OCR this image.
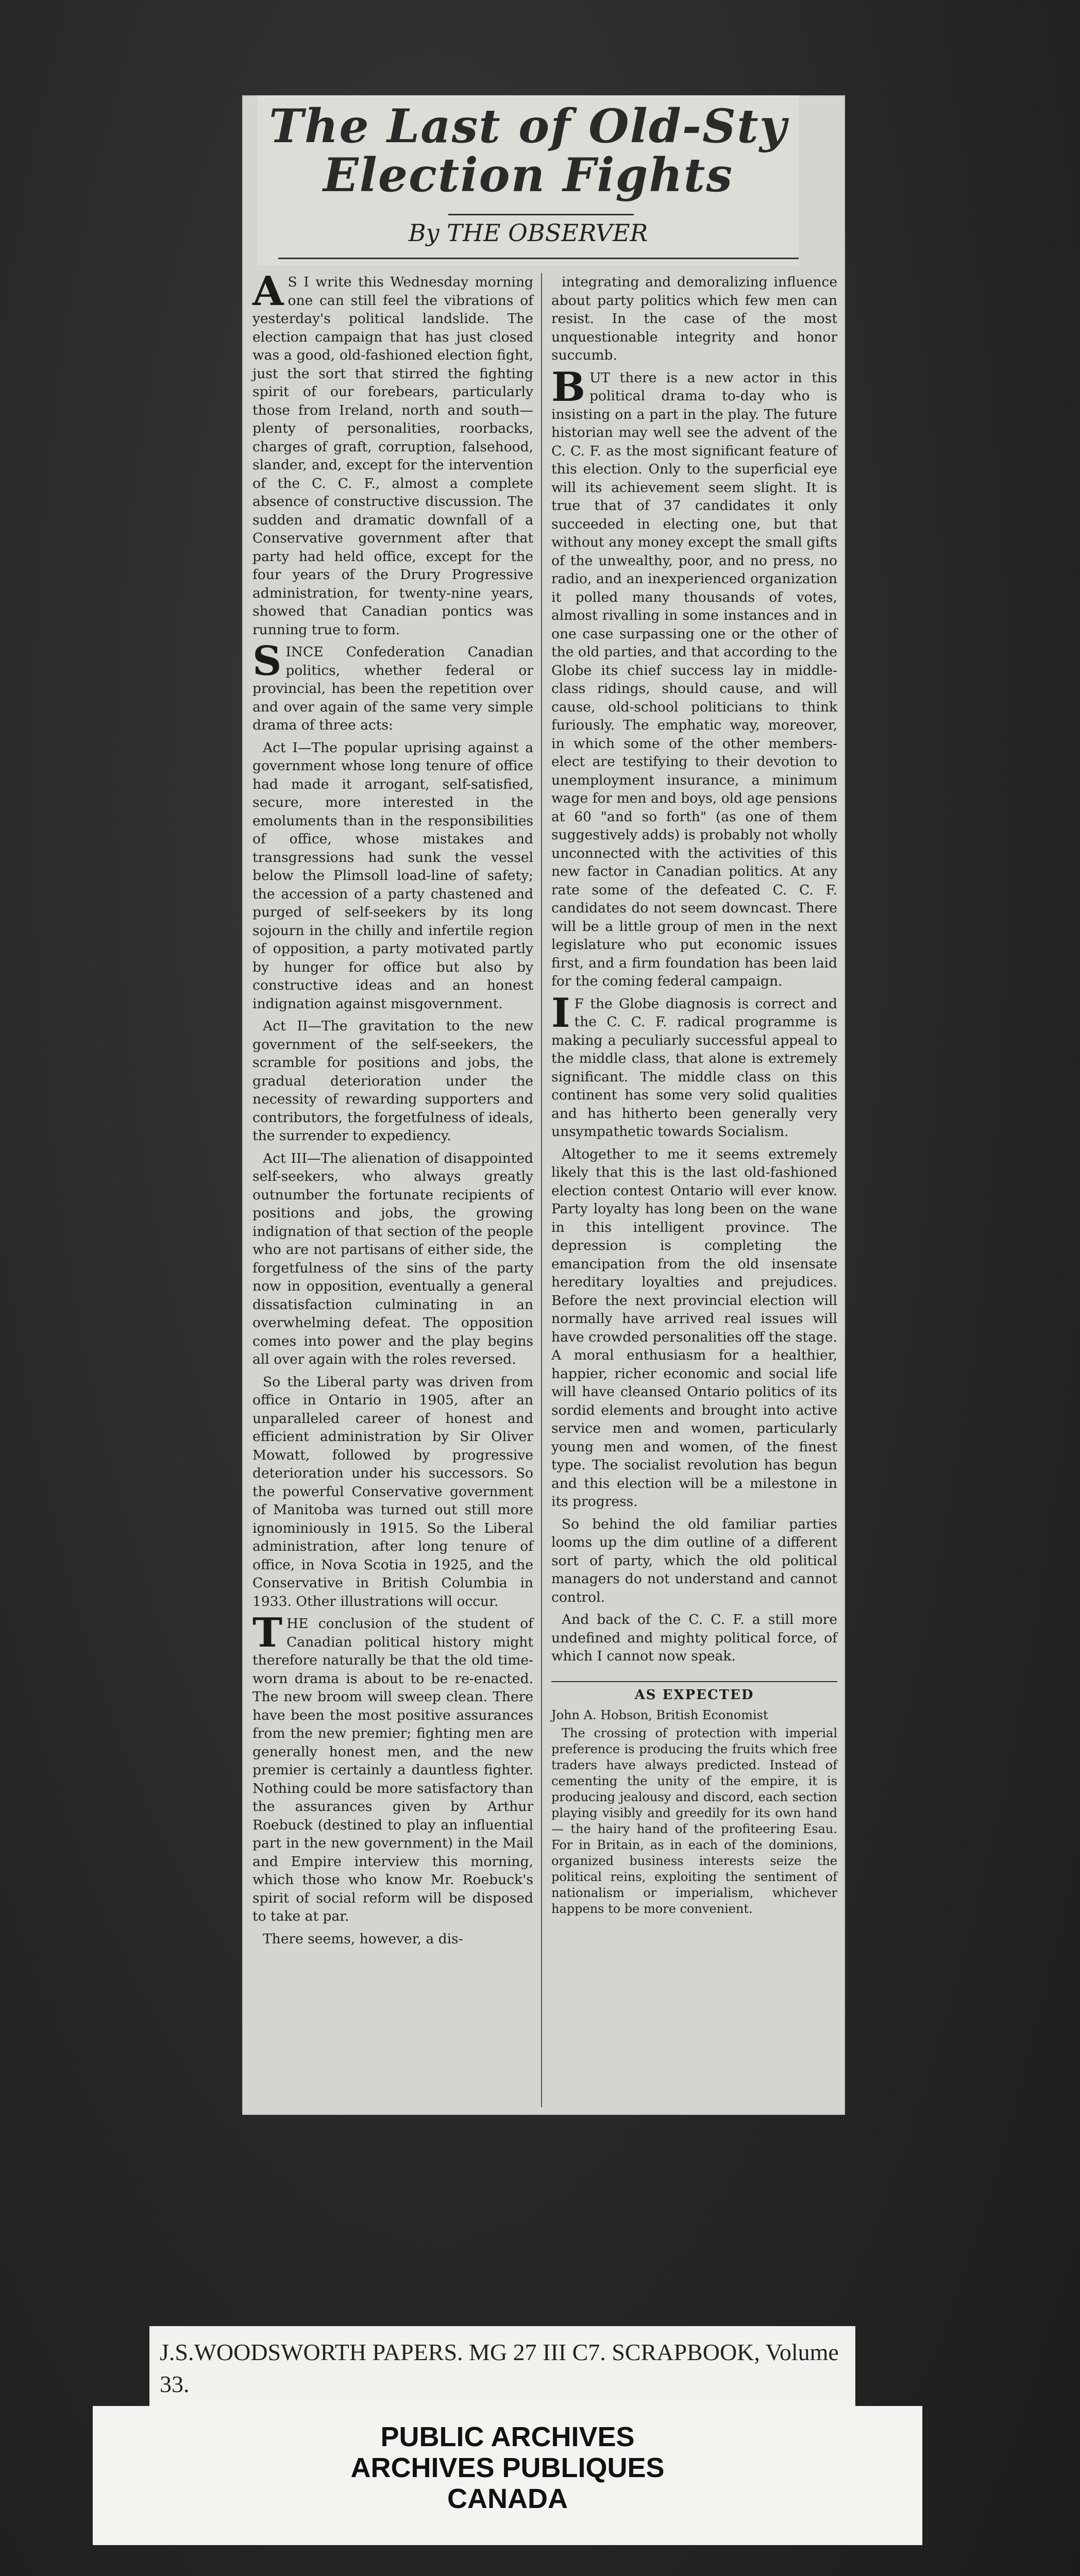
The Last of Old-Sty
Election Fights
By THE OBSERVER

A S I write this Wednesday morning one can still feel the vibrations of yesterday's political landslide. The election campaign that has just closed was a good, old-fashioned election fight, just the sort that stirred the fighting spirit of our forebears, particularly those from Ireland, north and south—plenty of personalities, roorbacks, charges of graft, corruption, falsehood, slander, and, except for the intervention of the C. C. F., almost a complete absence of constructive discussion. The sudden and dramatic downfall of a Conservative government after that party had held office, except for the four years of the Drury Progressive administration, for twenty-nine years, showed that Canadian pontics was running true to form.

SINCE Confederation Canadian politics, whether federal or provincial, has been the repetition over and over again of the same very simple drama of three acts:

Act I—The popular uprising against a government whose long tenure of office had made it arrogant, self-satisfied, secure, more interested in the emoluments than in the responsibilities of office, whose mistakes and transgressions had sunk the vessel below the Plimsoll load-line of safety; the accession of a party chastened and purged of self-seekers by its long sojourn in the chilly and infertile region of opposition, a party motivated partly by hunger for office but also by constructive ideas and an honest indignation against misgovernment.

Act II—The gravitation to the new government of the self-seekers, the scramble for positions and jobs, the gradual deterioration under the necessity of rewarding supporters and contributors, the forgetfulness of ideals, the surrender to expediency.

Act III—The alienation of disappointed self-seekers, who always greatly outnumber the fortunate recipients of positions and jobs, the growing indignation of that section of the people who are not partisans of either side, the forgetfulness of the sins of the party now in opposition, eventually a general dissatisfaction culminating in an overwhelming defeat. The opposition comes into power and the play begins all over again with the roles reversed.

So the Liberal party was driven from office in Ontario in 1905, after an unparalleled career of honest and efficient administration by Sir Oliver Mowatt, followed by progressive deterioration under his successors. So the powerful Conservative government of Manitoba was turned out still more ignominiously in 1915. So the Liberal administration, after long tenure of office, in Nova Scotia in 1925, and the Conservative in British Columbia in 1933. Other illustrations will occur.

THE conclusion of the student of Canadian political history might therefore naturally be that the old time-worn drama is about to be re-enacted. The new broom will sweep clean. There have been the most positive assurances from the new premier; fighting men are generally honest men, and the new premier is certainly a dauntless fighter. Nothing could be more satisfactory than the assurances given by Arthur Roebuck (destined to play an influential part in the new government) in the Mail and Empire interview this morning, which those who know Mr. Roebuck's spirit of social reform will be disposed to take at par.

There seems, however, a dis-

integrating and demoralizing influence about party politics which few men can resist. In the case of the most unquestionable integrity and honor succumb.

BUT there is a new actor in this political drama to-day who is insisting on a part in the play. The future historian may well see the advent of the C. C. F. as the most significant feature of this election. Only to the superficial eye will its achievement seem slight. It is true that of 37 candidates it only succeeded in electing one, but that without any money except the small gifts of the unwealthy, poor, and no press, no radio, and an inexperienced organization it polled many thousands of votes, almost rivalling in some instances and in one case surpassing one or the other of the old parties, and that according to the Globe its chief success lay in middle-class ridings, should cause, and will cause, old-school politicians to think furiously. The emphatic way, moreover, in which some of the other members-elect are testifying to their devotion to unemployment insurance, a minimum wage for men and boys, old age pensions at 60 "and so forth" (as one of them suggestively adds) is probably not wholly unconnected with the activities of this new factor in Canadian politics. At any rate some of the defeated C. C. F. candidates do not seem downcast. There will be a little group of men in the next legislature who put economic issues first, and a firm foundation has been laid for the coming federal campaign.

I F the Globe diagnosis is correct and the C. C. F. radical programme is making a peculiarly successful appeal to the middle class, that alone is extremely significant. The middle class on this continent has some very solid qualities and has hitherto been generally very unsympathetic towards Socialism.

Altogether to me it seems extremely likely that this is the last old-fashioned election contest Ontario will ever know. Party loyalty has long been on the wane in this intelligent province. The depression is completing the emancipation from the old insensate hereditary loyalties and prejudices. Before the next provincial election will normally have arrived real issues will have crowded personalities off the stage. A moral enthusiasm for a healthier, happier, richer economic and social life will have cleansed Ontario politics of its sordid elements and brought into active service men and women, particularly young men and women, of the finest type. The socialist revolution has begun and this election will be a milestone in its progress.

So behind the old familiar parties looms up the dim outline of a different sort of party, which the old political managers do not understand and cannot control.

And back of the C. C. F. a still more undefined and mighty political force, of which I cannot now speak.

AS EXPECTED

John A. Hobson, British Economist

The crossing of protection with imperial preference is producing the fruits which free traders have always predicted. Instead of cementing the unity of the empire, it is producing jealousy and discord, each section playing visibly and greedily for its own hand — the hairy hand of the profiteering Esau. For in Britain, as in each of the dominions, organized business interests seize the political reins, exploiting the sentiment of nationalism or imperialism, whichever happens to be more convenient.

J.S.WOODSWORTH PAPERS. MG 27 III C7. SCRAPBOOK, Volume 33.
PUBLIC ARCHIVES
ARCHIVES PUBLIQUES
CANADA
